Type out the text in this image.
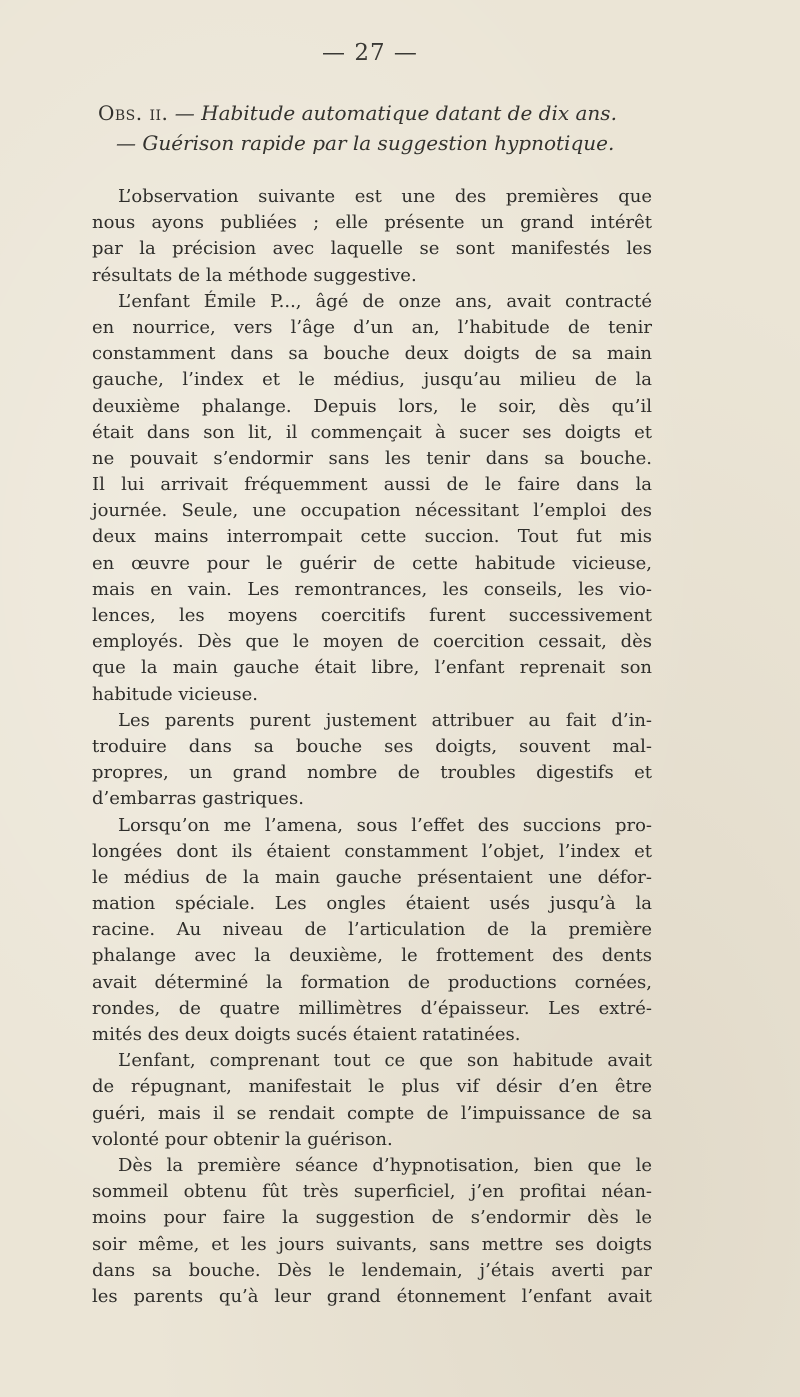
— 27 —
Obs. ii. — Habitude automatique datant de dix ans.
— Guérison rapide par la suggestion hypnotique.
L’observation suivante est une des premières que
nous ayons publiées ; elle présente un grand intérêt
par la précision avec laquelle se sont manifestés les
résultats de la méthode suggestive.
L’enfant Émile P..., âgé de onze ans, avait contracté
en nourrice, vers l’âge d’un an, l’habitude de tenir
constamment dans sa bouche deux doigts de sa main
gauche, l’index et le médius, jusqu’au milieu de la
deuxième phalange. Depuis lors, le soir, dès qu’il
était dans son lit, il commençait à sucer ses doigts et
ne pouvait s’endormir sans les tenir dans sa bouche.
Il lui arrivait fréquemment aussi de le faire dans la
journée. Seule, une occupation nécessitant l’emploi des
deux mains interrompait cette succion. Tout fut mis
en œuvre pour le guérir de cette habitude vicieuse,
mais en vain. Les remontrances, les conseils, les vio-
lences, les moyens coercitifs furent successivement
employés. Dès que le moyen de coercition cessait, dès
que la main gauche était libre, l’enfant reprenait son
habitude vicieuse.
Les parents purent justement attribuer au fait d’in-
troduire dans sa bouche ses doigts, souvent mal-
propres, un grand nombre de troubles digestifs et
d’embarras gastriques.
Lorsqu’on me l’amena, sous l’effet des succions pro-
longées dont ils étaient constamment l’objet, l’index et
le médius de la main gauche présentaient une défor-
mation spéciale. Les ongles étaient usés jusqu’à la
racine. Au niveau de l’articulation de la première
phalange avec la deuxième, le frottement des dents
avait déterminé la formation de productions cornées,
rondes, de quatre millimètres d’épaisseur. Les extré-
mités des deux doigts sucés étaient ratatinées.
L’enfant, comprenant tout ce que son habitude avait
de répugnant, manifestait le plus vif désir d’en être
guéri, mais il se rendait compte de l’impuissance de sa
volonté pour obtenir la guérison.
Dès la première séance d’hypnotisation, bien que le
sommeil obtenu fût très superficiel, j’en profitai néan-
moins pour faire la suggestion de s’endormir dès le
soir même, et les jours suivants, sans mettre ses doigts
dans sa bouche. Dès le lendemain, j’étais averti par
les parents qu’à leur grand étonnement l’enfant avait
